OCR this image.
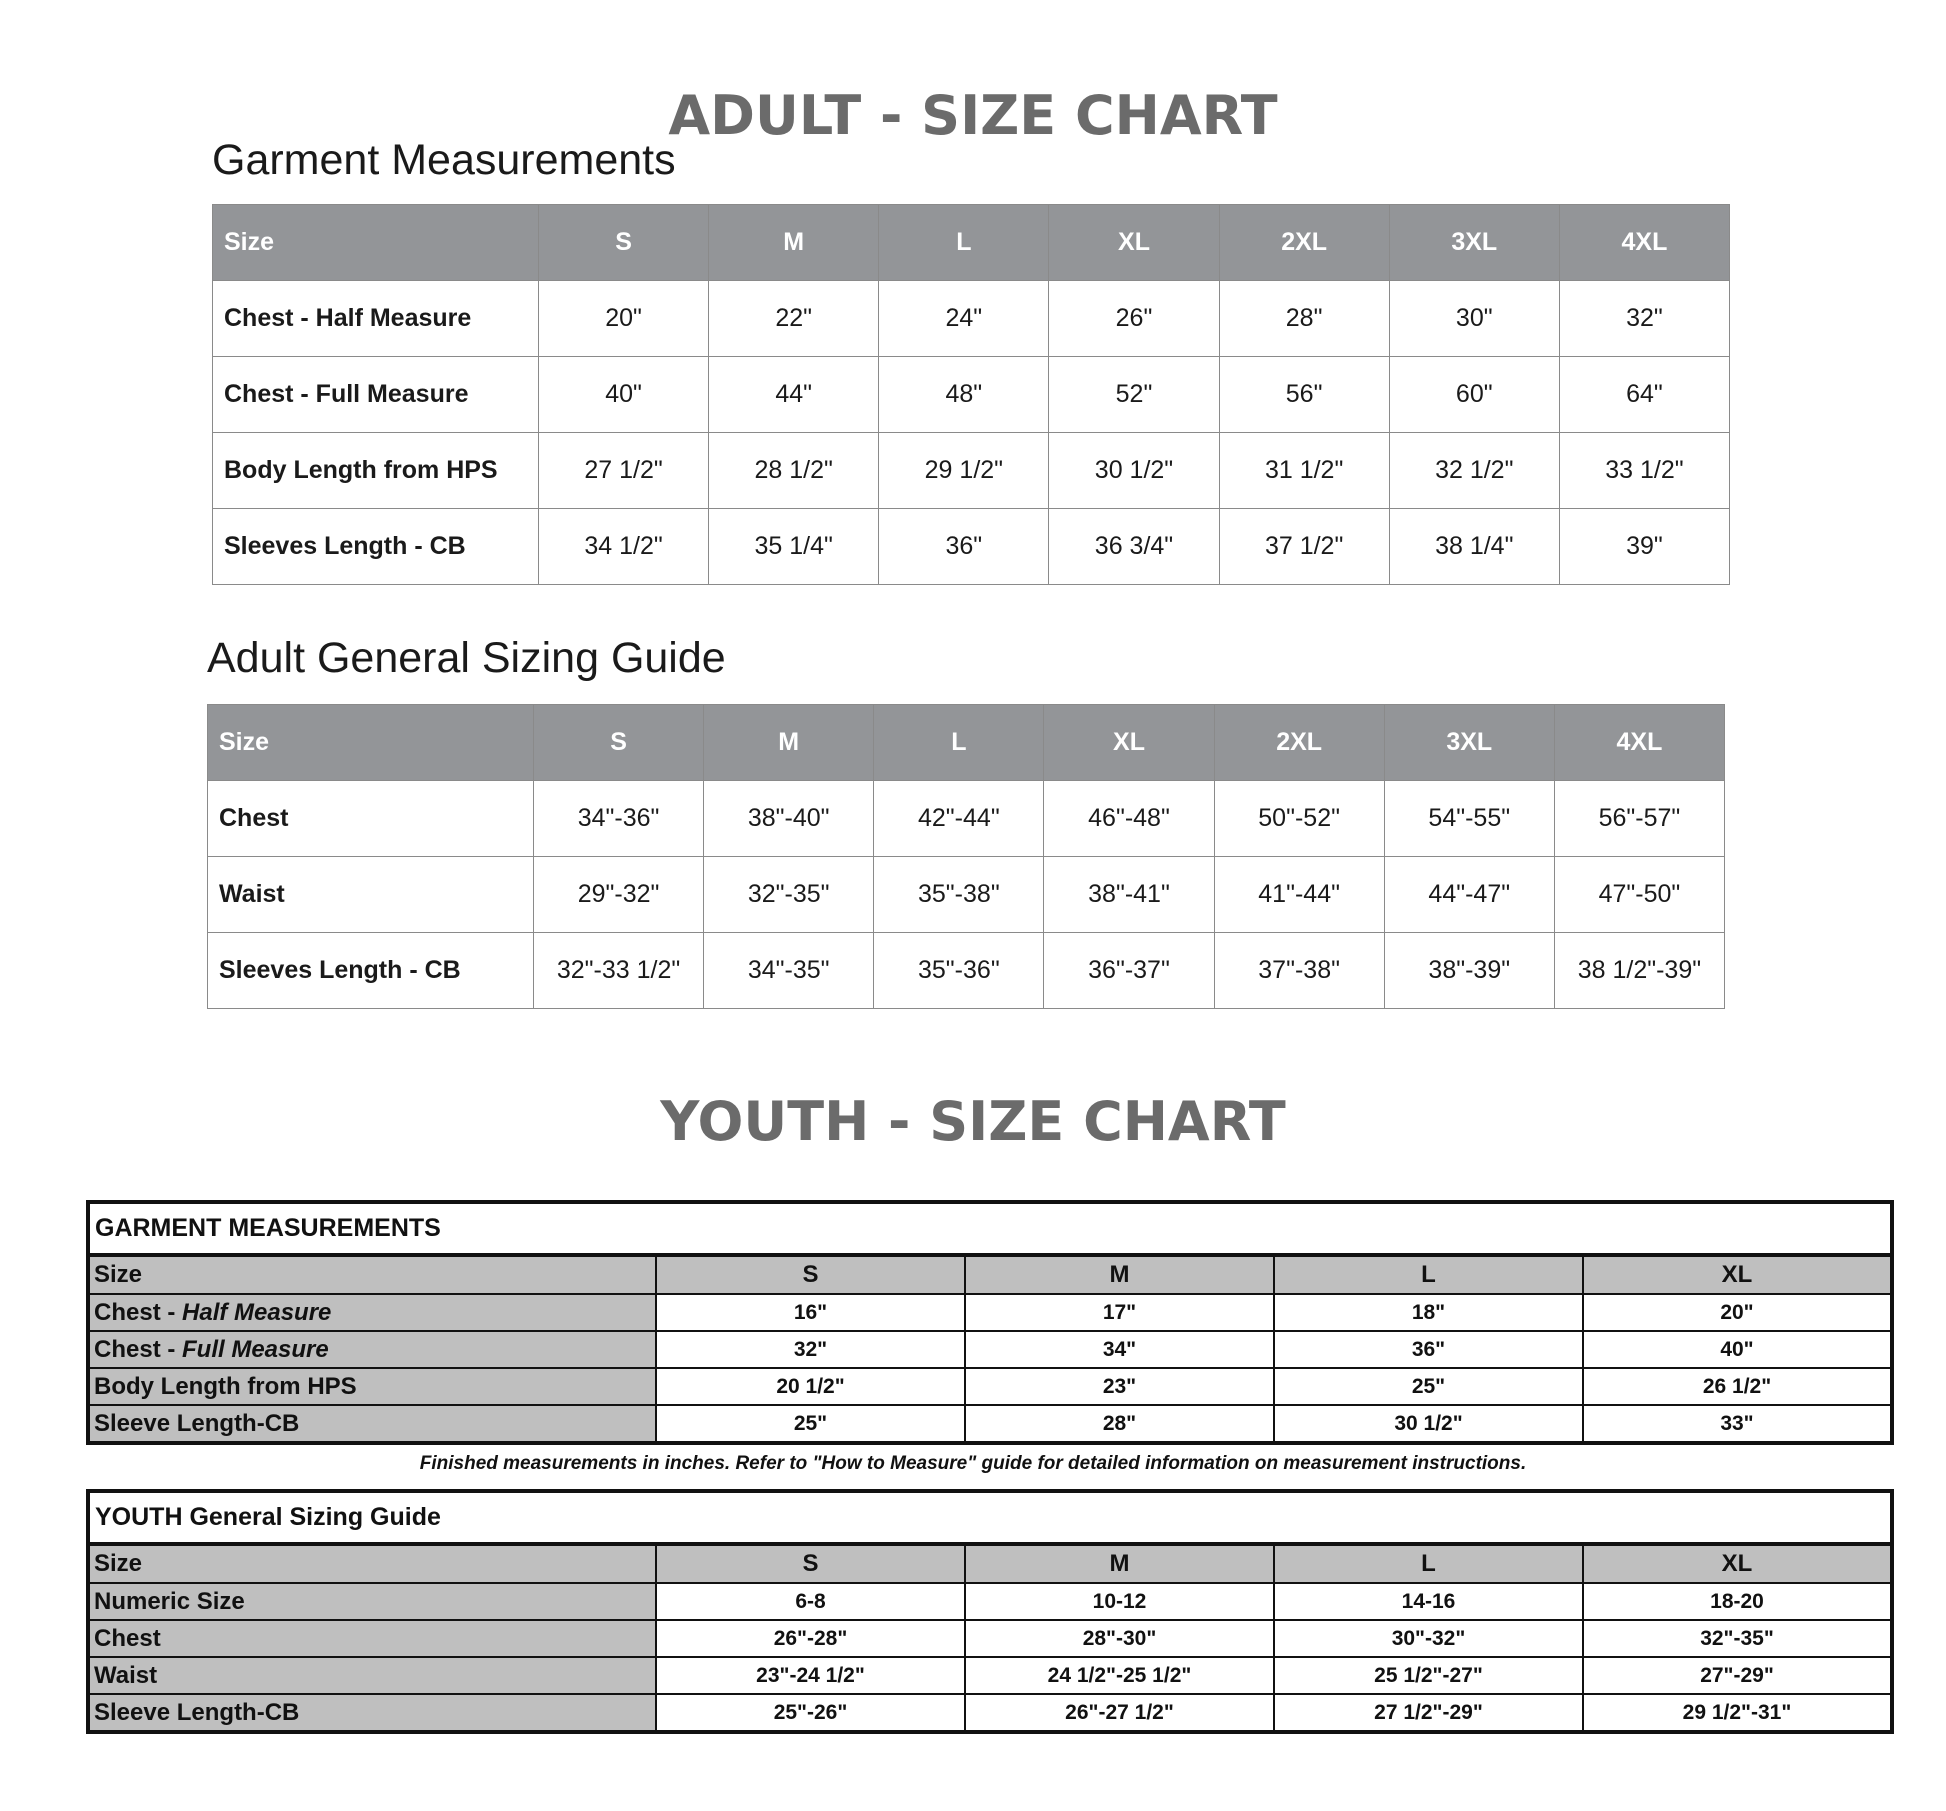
ADULT - SIZE CHART
Garment Measurements
Size	S	M	L	XL	2XL	3XL	4XL
Chest - Half Measure	20"	22"	24"	26"	28"	30"	32"
Chest - Full Measure	40"	44"	48"	52"	56"	60"	64"
Body Length from HPS	27 1/2"	28 1/2"	29 1/2"	30 1/2"	31 1/2"	32 1/2"	33 1/2"
Sleeves Length - CB	34 1/2"	35 1/4"	36"	36 3/4"	37 1/2"	38 1/4"	39"
Adult General Sizing Guide
Size	S	M	L	XL	2XL	3XL	4XL
Chest	34"-36"	38"-40"	42"-44"	46"-48"	50"-52"	54"-55"	56"-57"
Waist	29"-32"	32"-35"	35"-38"	38"-41"	41"-44"	44"-47"	47"-50"
Sleeves Length - CB	32"-33 1/2"	34"-35"	35"-36"	36"-37"	37"-38"	38"-39"	38 1/2"-39"
YOUTH - SIZE CHART
GARMENT MEASUREMENTS				
Size	S	M	L	XL
Chest - Half Measure	16"	17"	18"	20"
Chest - Full Measure	32"	34"	36"	40"
Body Length from HPS	20 1/2"	23"	25"	26 1/2"
Sleeve Length-CB	25"	28"	30 1/2"	33"

Finished measurements in inches. Refer to "How to Measure" guide for detailed information on measurement instructions.

YOUTH General Sizing Guide				
Size	S	M	L	XL
Numeric Size	6-8	10-12	14-16	18-20
Chest	26"-28"	28"-30"	30"-32"	32"-35"
Waist	23"-24 1/2"	24 1/2"-25 1/2"	25 1/2"-27"	27"-29"
Sleeve Length-CB	25"-26"	26"-27 1/2"	27 1/2"-29"	29 1/2"-31"
